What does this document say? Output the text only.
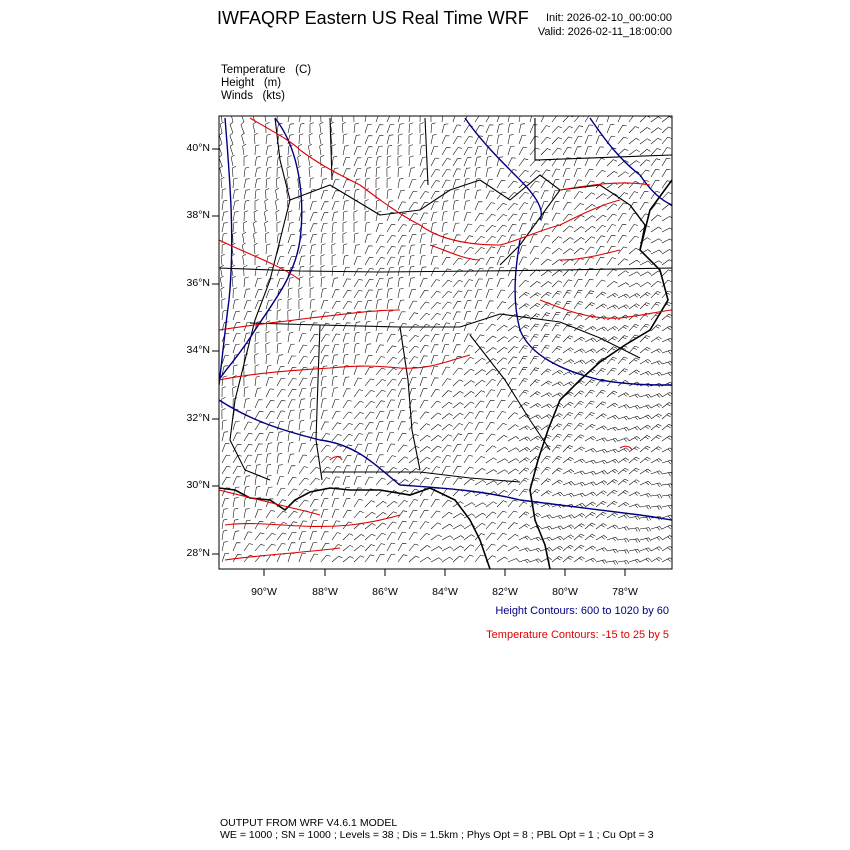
IWFAQRP Eastern US Real Time WRF Init: 2026-02-10_00:00:00
Valid: 2026-02-11_18:00:00
Temperature (C)
Height (m)
Winds (kts)
40°N
38°N
36°N
34°N
32°N
30°N
28°N
90°W	88°W	86°W	84°W	82°W	80°W	78°W
Height Contours: 600 to 1020 by 60
Temperature Contours: -15 to 25 by 5
OUTPUT FROM WRF V4.6.1 MODEL
WE = 1000 ; SN = 1000 ; Levels = 38 ; Dis = 1.5km ; Phys Opt = 8 ; PBL Opt = 1 ; Cu Opt = 3
